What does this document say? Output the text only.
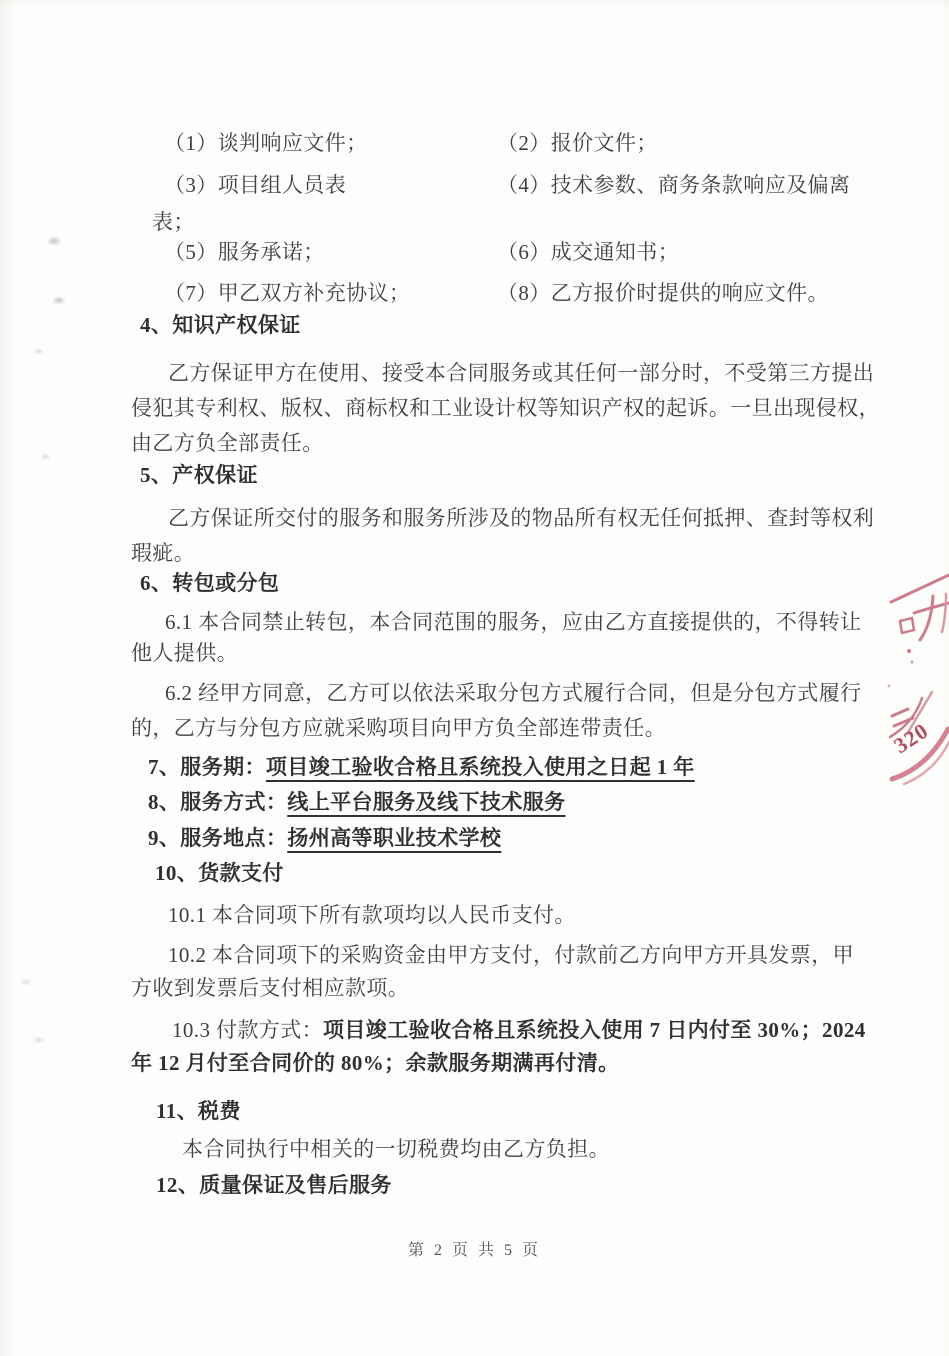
（1）谈判响应文件；	（2）报价文件；
（3）项目组人员表	（4）技术参数、商务条款响应及偏离
表；
（5）服务承诺；	（6）成交通知书；
（7）甲乙双方补充协议；	（8）乙方报价时提供的响应文件。
4、知识产权保证
乙方保证甲方在使用、接受本合同服务或其任何一部分时，不受第三方提出
侵犯其专利权、版权、商标权和工业设计权等知识产权的起诉。一旦出现侵权，
由乙方负全部责任。
5、产权保证
乙方保证所交付的服务和服务所涉及的物品所有权无任何抵押、查封等权利
瑕疵。
6、转包或分包
6.1 本合同禁止转包，本合同范围的服务，应由乙方直接提供的，不得转让
他人提供。
6.2 经甲方同意，乙方可以依法采取分包方式履行合同，但是分包方式履行
的，乙方与分包方应就采购项目向甲方负全部连带责任。
7、服务期：项目竣工验收合格且系统投入使用之日起 1 年
8、服务方式：线上平台服务及线下技术服务
9、服务地点：扬州高等职业技术学校
10、货款支付
10.1 本合同项下所有款项均以人民币支付。
10.2 本合同项下的采购资金由甲方支付，付款前乙方向甲方开具发票，甲
方收到发票后支付相应款项。
10.3 付款方式：项目竣工验收合格且系统投入使用 7 日内付至 30%；2024
年 12 月付至合同价的 80%；余款服务期满再付清。
11、税费
本合同执行中相关的一切税费均由乙方负担。
12、质量保证及售后服务
第 2 页 共 5 页
320
